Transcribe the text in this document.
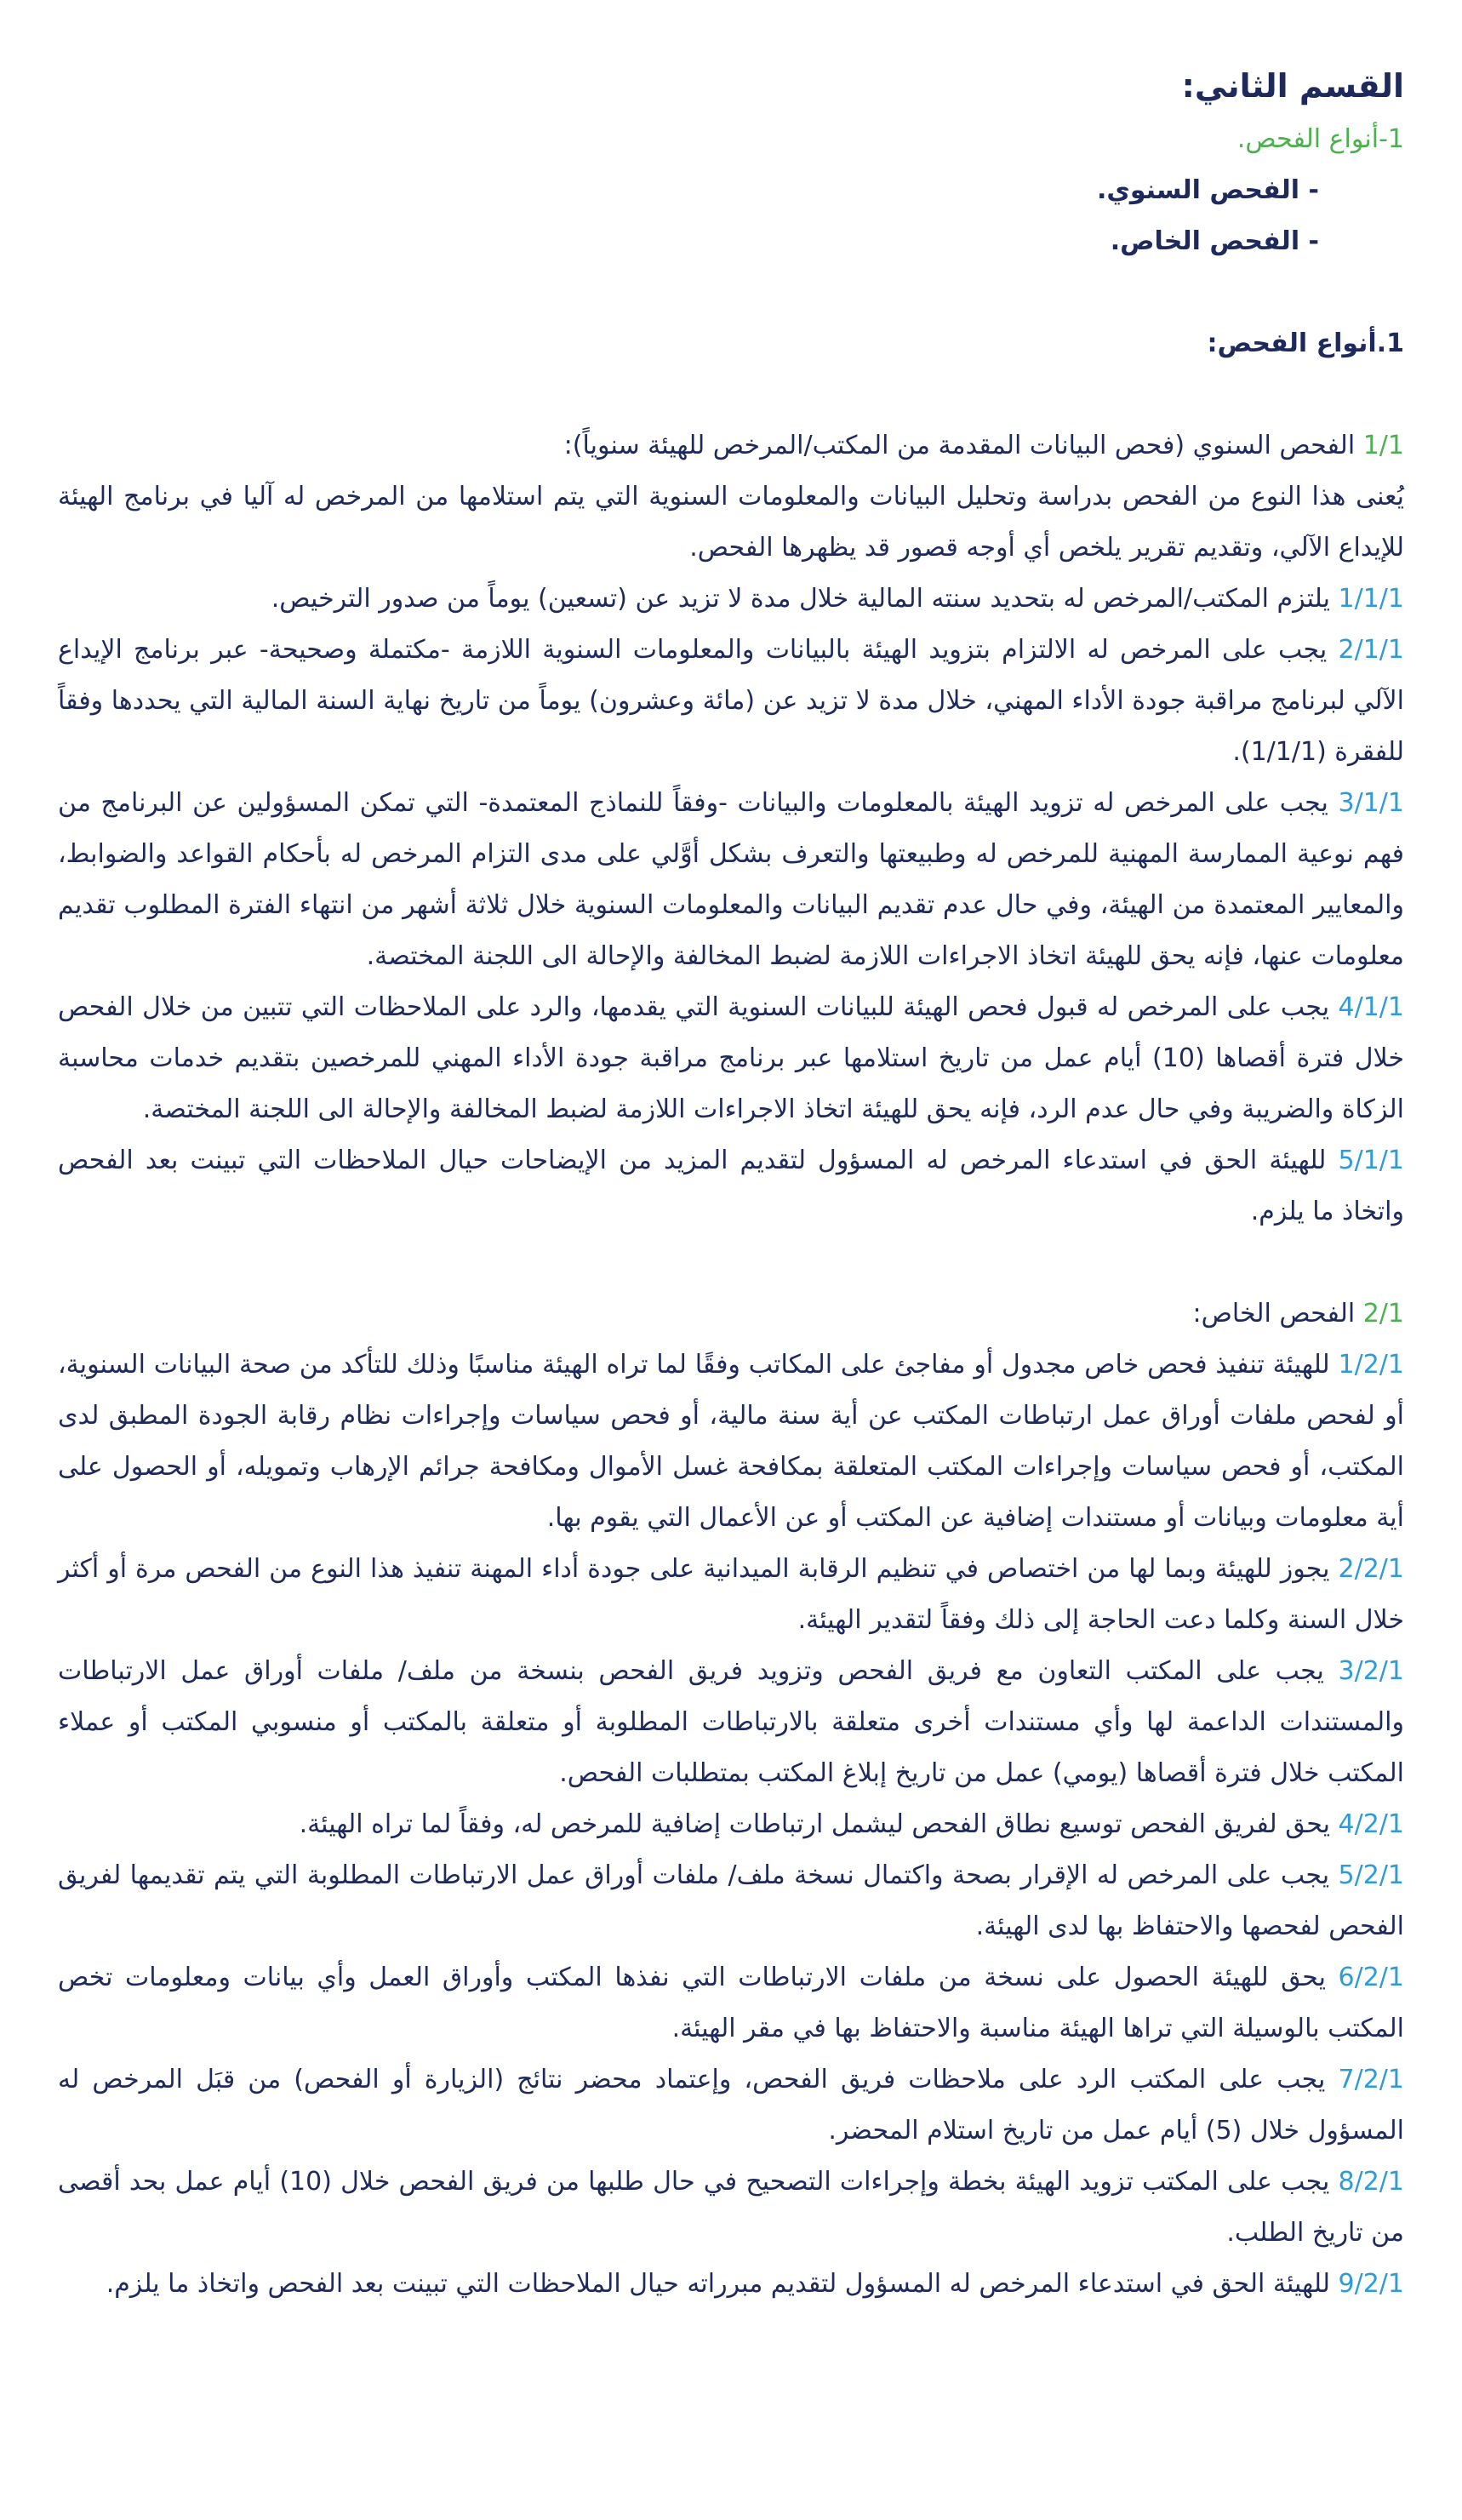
القسم الثاني:
1-أنواع الفحص.
- الفحص السنوي.
- الفحص الخاص.
1.أنواع الفحص:
1/1 الفحص السنوي (فحص البيانات المقدمة من المكتب/المرخص للهيئة سنوياً):
يُعنى هذا النوع من الفحص بدراسة وتحليل البيانات والمعلومات السنوية التي يتم استلامها من المرخص له آليا في برنامج الهيئة للإيداع الآلي، وتقديم تقرير يلخص أي أوجه قصور قد يظهرها الفحص.
1/1/1 يلتزم المكتب/المرخص له بتحديد سنته المالية خلال مدة لا تزيد عن (تسعين) يوماً من صدور الترخيص.
2/1/1 يجب على المرخص له الالتزام بتزويد الهيئة بالبيانات والمعلومات السنوية اللازمة -مكتملة وصحيحة- عبر برنامج الإيداع الآلي لبرنامج مراقبة جودة الأداء المهني، خلال مدة لا تزيد عن (مائة وعشرون) يوماً من تاريخ نهاية السنة المالية التي يحددها وفقاً للفقرة (1/1/1).
3/1/1 يجب على المرخص له تزويد الهيئة بالمعلومات والبيانات -وفقاً للنماذج المعتمدة- التي تمكن المسؤولين عن البرنامج من فهم نوعية الممارسة المهنية للمرخص له وطبيعتها والتعرف بشكل أوَّلي على مدى التزام المرخص له بأحكام القواعد والضوابط، والمعايير المعتمدة من الهيئة، وفي حال عدم تقديم البيانات والمعلومات السنوية خلال ثلاثة أشهر من انتهاء الفترة المطلوب تقديم معلومات عنها، فإنه يحق للهيئة اتخاذ الاجراءات اللازمة لضبط المخالفة والإحالة الى اللجنة المختصة.
4/1/1 يجب على المرخص له قبول فحص الهيئة للبيانات السنوية التي يقدمها، والرد على الملاحظات التي تتبين من خلال الفحص خلال فترة أقصاها (10) أيام عمل من تاريخ استلامها عبر برنامج مراقبة جودة الأداء المهني للمرخصين بتقديم خدمات محاسبة الزكاة والضريبة وفي حال عدم الرد، فإنه يحق للهيئة اتخاذ الاجراءات اللازمة لضبط المخالفة والإحالة الى اللجنة المختصة.
5/1/1 للهيئة الحق في استدعاء المرخص له المسؤول لتقديم المزيد من الإيضاحات حيال الملاحظات التي تبينت بعد الفحص واتخاذ ما يلزم.
2/1 الفحص الخاص:
1/2/1 للهيئة تنفيذ فحص خاص مجدول أو مفاجئ على المكاتب وفقًا لما تراه الهيئة مناسبًا وذلك للتأكد من صحة البيانات السنوية، أو لفحص ملفات أوراق عمل ارتباطات المكتب عن أية سنة مالية، أو فحص سياسات وإجراءات نظام رقابة الجودة المطبق لدى المكتب، أو فحص سياسات وإجراءات المكتب المتعلقة بمكافحة غسل الأموال ومكافحة جرائم الإرهاب وتمويله، أو الحصول على أية معلومات وبيانات أو مستندات إضافية عن المكتب أو عن الأعمال التي يقوم بها.
2/2/1 يجوز للهيئة وبما لها من اختصاص في تنظيم الرقابة الميدانية على جودة أداء المهنة تنفيذ هذا النوع من الفحص مرة أو أكثر خلال السنة وكلما دعت الحاجة إلى ذلك وفقاً لتقدير الهيئة.
3/2/1 يجب على المكتب التعاون مع فريق الفحص وتزويد فريق الفحص بنسخة من ملف/ ملفات أوراق عمل الارتباطات والمستندات الداعمة لها وأي مستندات أخرى متعلقة بالارتباطات المطلوبة أو متعلقة بالمكتب أو منسوبي المكتب أو عملاء المكتب خلال فترة أقصاها (يومي) عمل من تاريخ إبلاغ المكتب بمتطلبات الفحص.
4/2/1 يحق لفريق الفحص توسيع نطاق الفحص ليشمل ارتباطات إضافية للمرخص له، وفقاً لما تراه الهيئة.
5/2/1 يجب على المرخص له الإقرار بصحة واكتمال نسخة ملف/ ملفات أوراق عمل الارتباطات المطلوبة التي يتم تقديمها لفريق الفحص لفحصها والاحتفاظ بها لدى الهيئة.
6/2/1 يحق للهيئة الحصول على نسخة من ملفات الارتباطات التي نفذها المكتب وأوراق العمل وأي بيانات ومعلومات تخص المكتب بالوسيلة التي تراها الهيئة مناسبة والاحتفاظ بها في مقر الهيئة.
7/2/1 يجب على المكتب الرد على ملاحظات فريق الفحص، وإعتماد محضر نتائج (الزيارة أو الفحص) من قبَل المرخص له المسؤول خلال (5) أيام عمل من تاريخ استلام المحضر.
8/2/1 يجب على المكتب تزويد الهيئة بخطة وإجراءات التصحيح في حال طلبها من فريق الفحص خلال (10) أيام عمل بحد أقصى من تاريخ الطلب.
9/2/1 للهيئة الحق في استدعاء المرخص له المسؤول لتقديم مبرراته حيال الملاحظات التي تبينت بعد الفحص واتخاذ ما يلزم.
